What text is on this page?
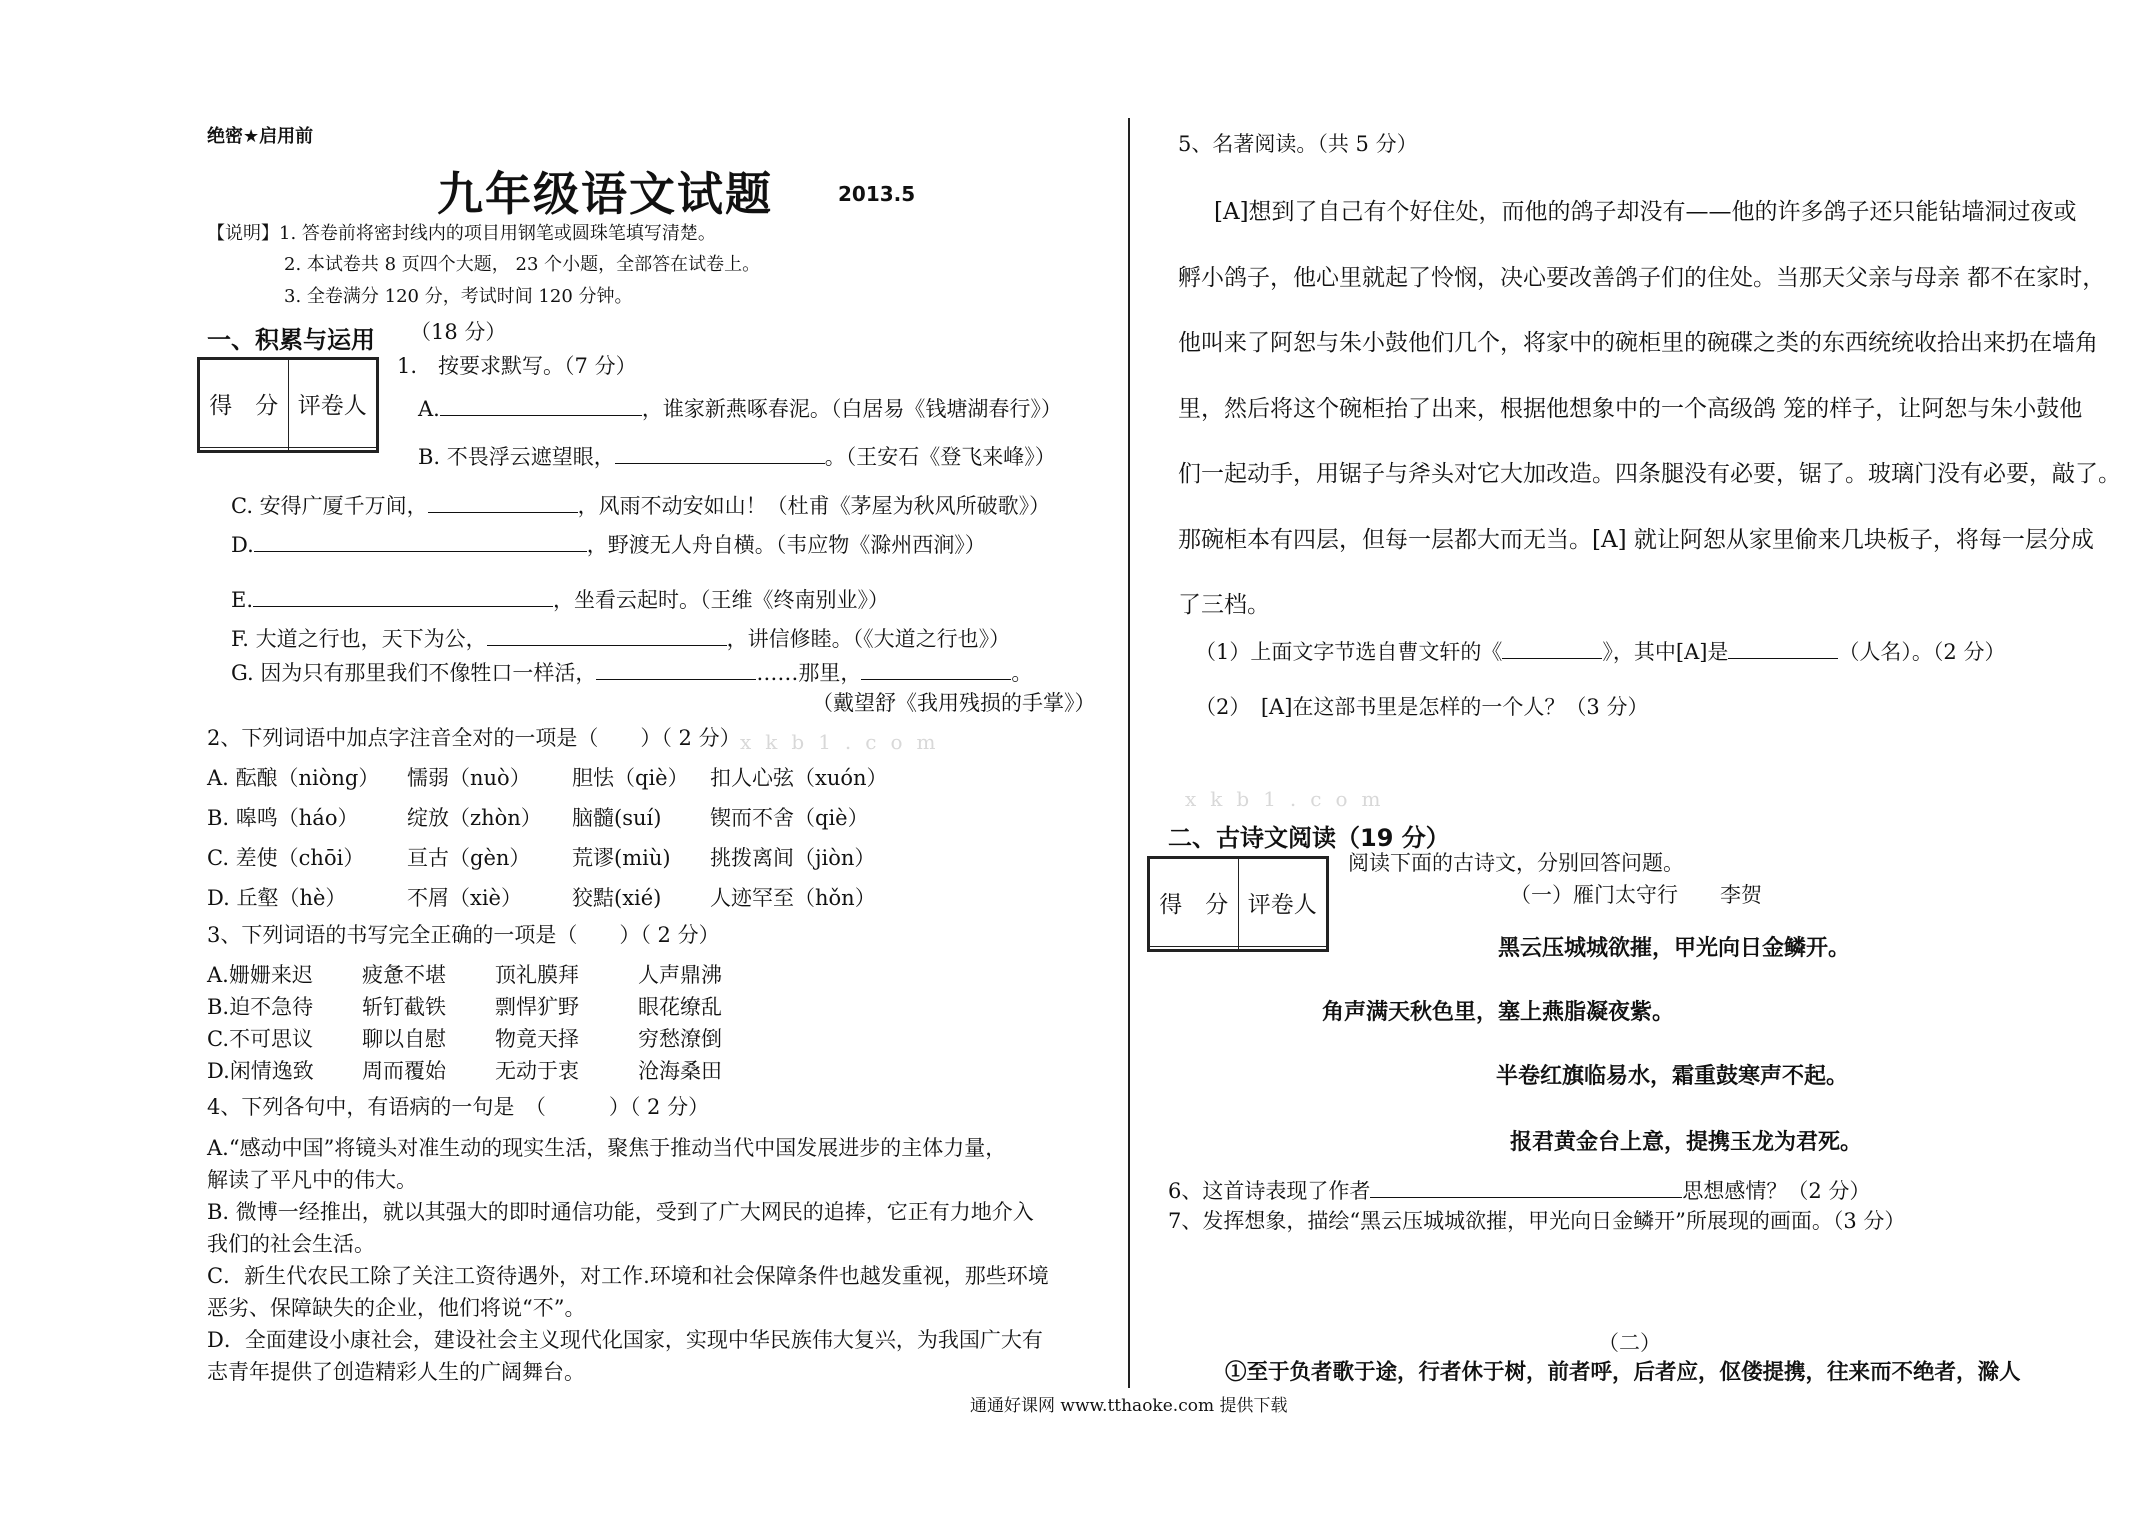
绝密★启用前
九年级语文试题	2013.5
【说明】1. 答卷前将密封线内的项目用钢笔或圆珠笔填写清楚。
2. 本试卷共 8 页四个大题， 23 个小题，全部答在试卷上。
3. 全卷满分 120 分，考试时间 120 分钟。
一、积累与运用 （18 分）
得　分	评卷人

1.　按要求默写。（7 分）
A.	，谁家新燕啄春泥。（白居易《钱塘湖春行》）
B. 不畏浮云遮望眼，	。（王安石《登飞来峰》）
C. 安得广厦千万间，	，风雨不动安如山！（杜甫《茅屋为秋风所破歌》）
D.	，野渡无人舟自横。（韦应物《滁州西涧》）
E.	，坐看云起时。（王维《终南别业》）
F. 大道之行也，天下为公，	，讲信修睦。（《大道之行也》）
G. 因为只有那里我们不像牲口一样活，	……那里，	。
（戴望舒《我用残损的手掌》）
2、下列词语中加点字注音全对的一项是（　　）（ 2 分） xkb1.com
A. 酝酿（niòng） 懦弱（nuò） 胆怯（qiè） 扣人心弦（xuón）
B. 嗥鸣（háo） 绽放（zhòn） 脑髓(suí) 锲而不舍（qiè）
C. 差使（chōi） 亘古（gèn） 荒谬(miù) 挑拨离间（jiòn）
D. 丘壑（hè）	不屑（xiè） 狡黠(xié) 人迹罕至（hǒn）
3、下列词语的书写完全正确的一项是（　　）（ 2 分）
A.姗姗来迟 疲惫不堪 顶礼膜拜	人声鼎沸
B.迫不急待 斩钉截铁 剽悍犷野	眼花缭乱
C.不可思议 聊以自慰 物竟天择	穷愁潦倒
D.闲情逸致 周而覆始 无动于衷	沧海桑田
4、下列各句中，有语病的一句是　（　　　）（ 2 分）
A.“感动中国”将镜头对准生动的现实生活，聚焦于推动当代中国发展进步的主体力量，
解读了平凡中的伟大。
B. 微博一经推出，就以其强大的即时通信功能，受到了广大网民的追捧，它正有力地介入
我们的社会生活。
C．新生代农民工除了关注工资待遇外，对工作.环境和社会保障条件也越发重视，那些环境
恶劣、保障缺失的企业，他们将说“不”。
D．全面建设小康社会，建设社会主义现代化国家，实现中华民族伟大复兴，为我国广大有
志青年提供了创造精彩人生的广阔舞台。
5、名著阅读。（共 5 分）
[A]想到了自己有个好住处，而他的鸽子却没有——他的许多鸽子还只能钻墙洞过夜或
孵小鸽子，他心里就起了怜悯，决心要改善鸽子们的住处。当那天父亲与母亲 都不在家时，
他叫来了阿恕与朱小鼓他们几个，将家中的碗柜里的碗碟之类的东西统统收拾出来扔在墙角
里，然后将这个碗柜抬了出来，根据他想象中的一个高级鸽 笼的样子，让阿恕与朱小鼓他
们一起动手，用锯子与斧头对它大加改造。四条腿没有必要，锯了。玻璃门没有必要，敲了。
那碗柜本有四层，但每一层都大而无当。[A] 就让阿恕从家里偷来几块板子，将每一层分成
了三档。
（1）上面文字节选自曹文轩的《	》，其中[A]是	（人名）。（2 分）
（2）　[A]在这部书里是怎样的一个人？（3 分）
xkb1.com
二、古诗文阅读（19 分）
得　分	评卷人

阅读下面的古诗文，分别回答问题。
（一）雁门太守行　　李贺
黑云压城城欲摧，甲光向日金鳞开。
角声满天秋色里，塞上燕脂凝夜紫。
半卷红旗临易水，霜重鼓寒声不起。
报君黄金台上意，提携玉龙为君死。
6、这首诗表现了作者	思想感情？（2 分）
7、发挥想象，描绘“黑云压城城欲摧，甲光向日金鳞开”所展现的画面。（3 分）
（二）
①至于负者歌于途，行者休于树，前者呼，后者应，伛偻提携，往来而不绝者，滁人
通通好课网 www.tthaoke.com 提供下载
